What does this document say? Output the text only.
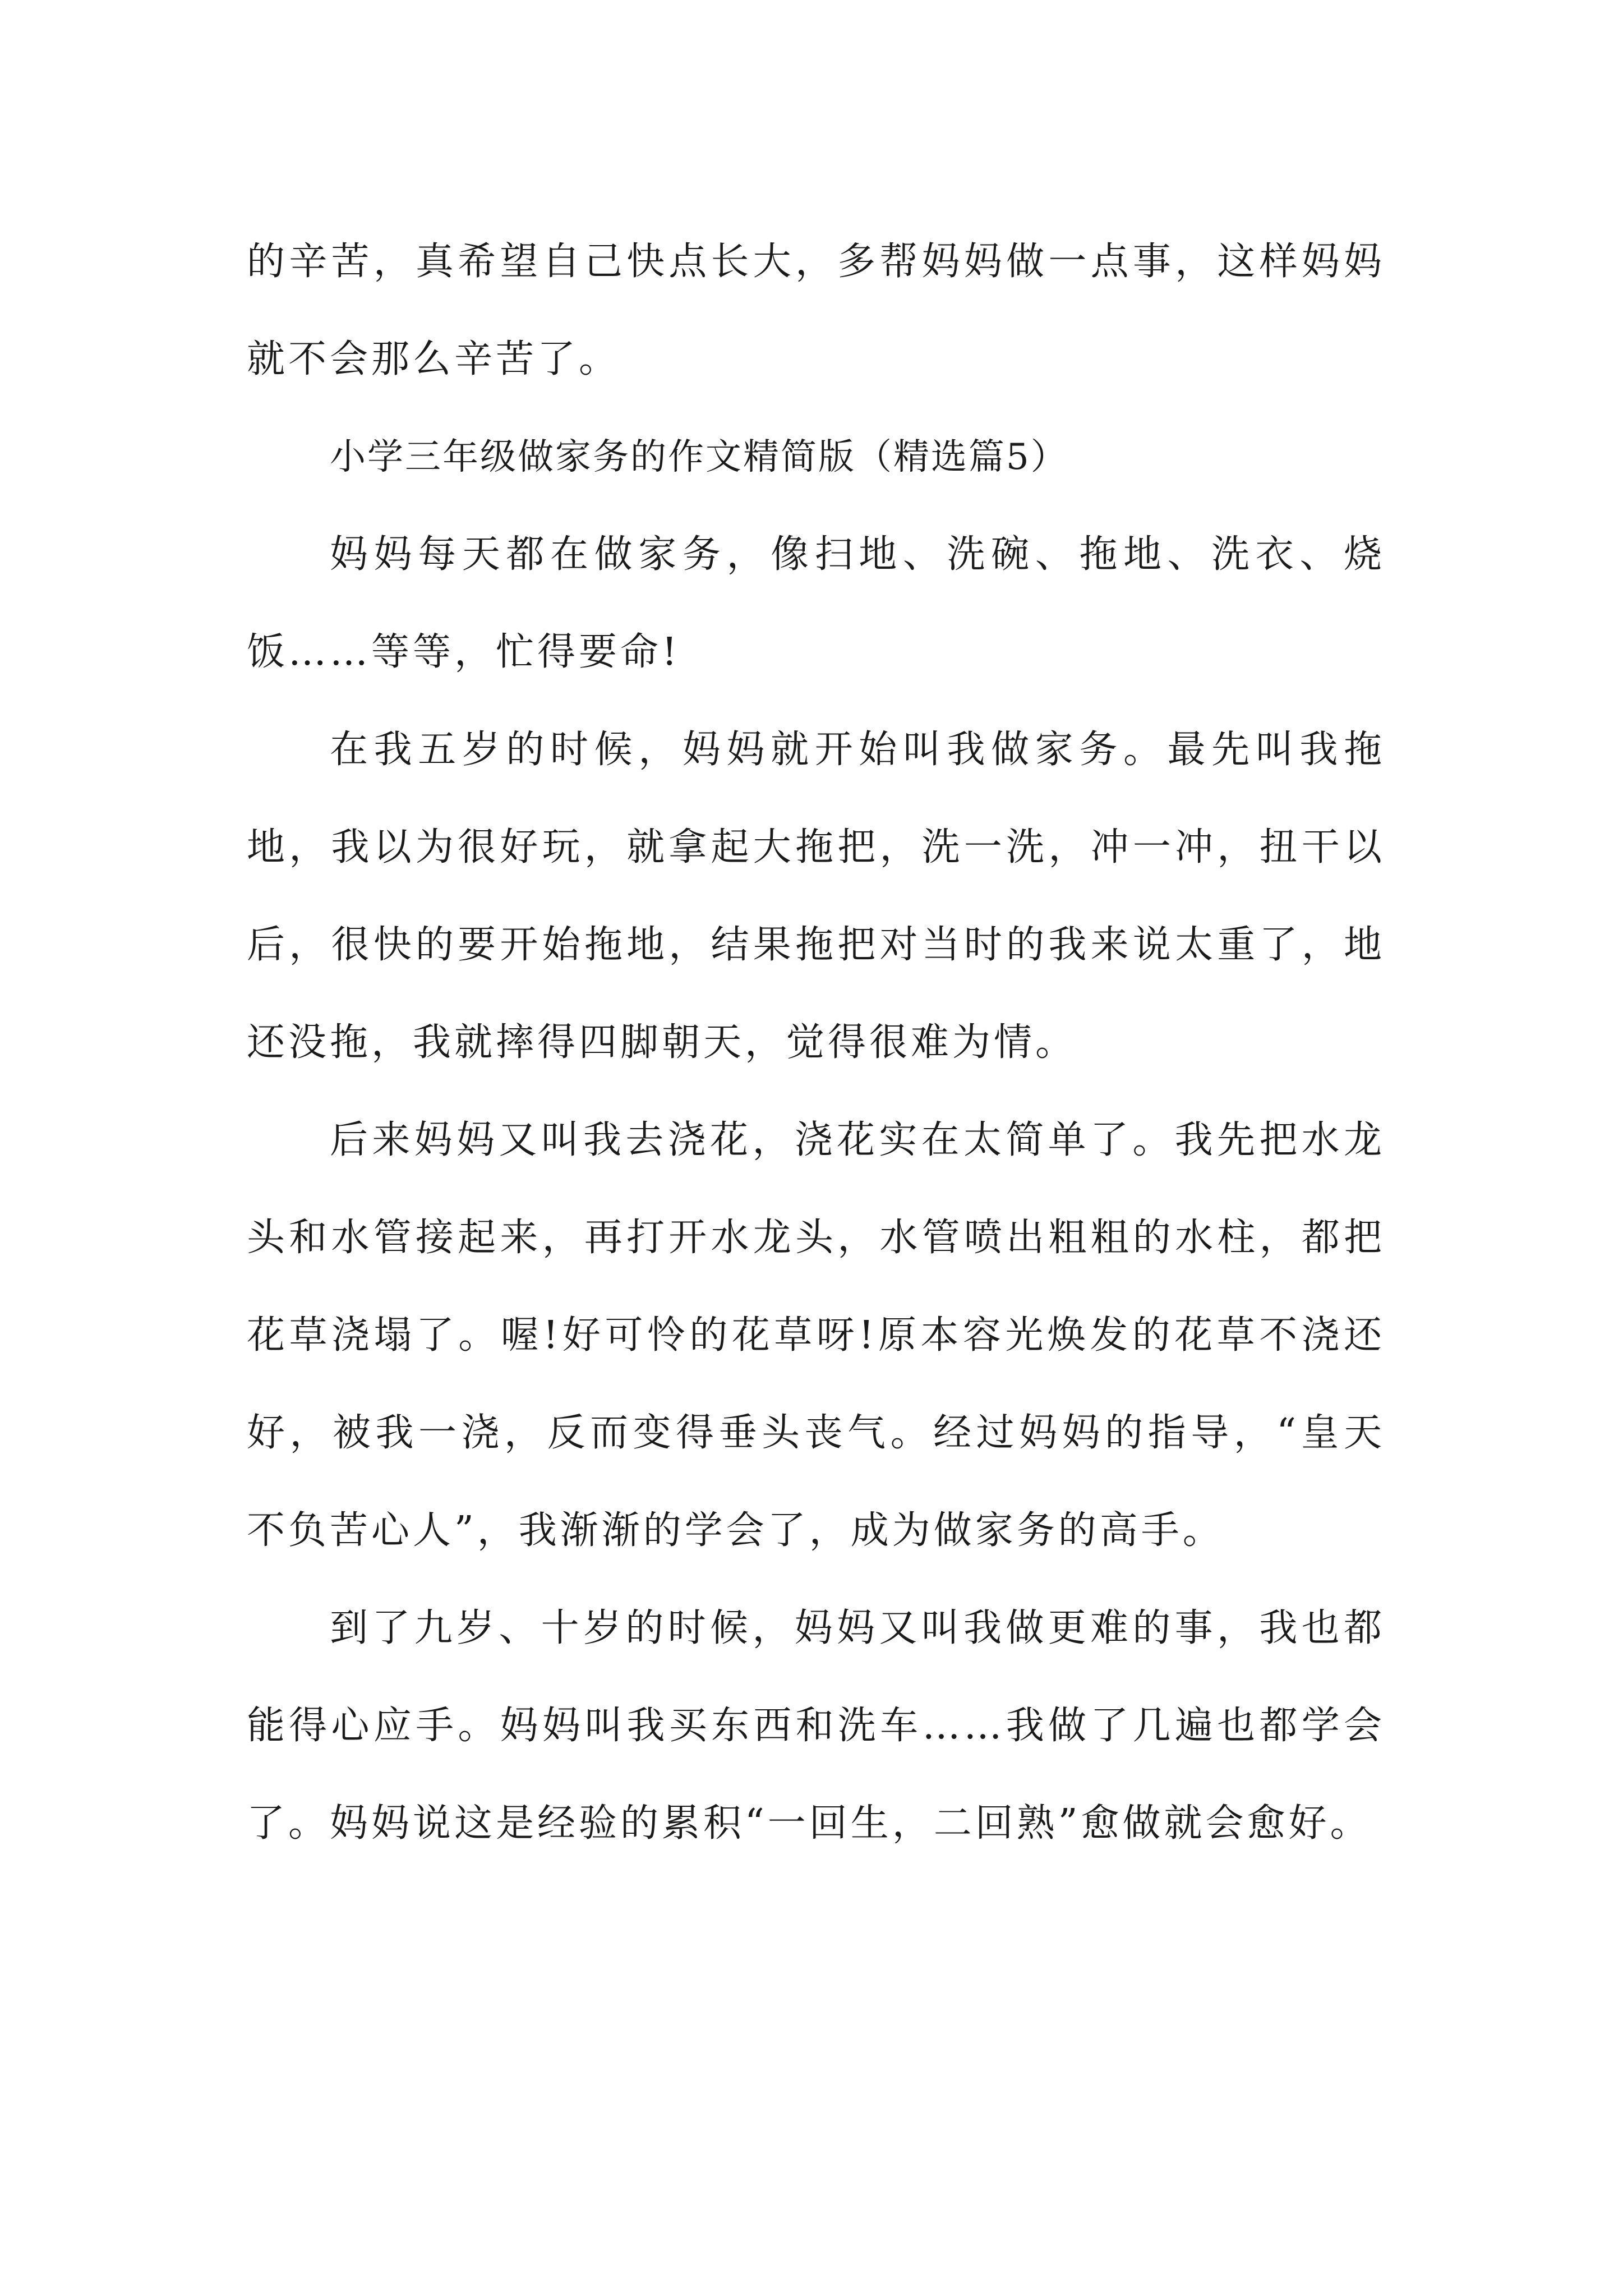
的辛苦，真希望自己快点长大，多帮妈妈做一点事，这样妈妈就不会那么辛苦了。

小学三年级做家务的作文精简版（精选篇5）

妈妈每天都在做家务，像扫地、洗碗、拖地、洗衣、烧饭……等等，忙得要命!

在我五岁的时候，妈妈就开始叫我做家务。最先叫我拖地，我以为很好玩，就拿起大拖把，洗一洗，冲一冲，扭干以后，很快的要开始拖地，结果拖把对当时的我来说太重了，地还没拖，我就摔得四脚朝天，觉得很难为情。

后来妈妈又叫我去浇花，浇花实在太简单了。我先把水龙头和水管接起来，再打开水龙头，水管喷出粗粗的水柱，都把花草浇塌了。喔!好可怜的花草呀!原本容光焕发的花草不浇还好，被我一浇，反而变得垂头丧气。经过妈妈的指导，“皇天不负苦心人”，我渐渐的学会了，成为做家务的高手。

到了九岁、十岁的时候，妈妈又叫我做更难的事，我也都能得心应手。妈妈叫我买东西和洗车……我做了几遍也都学会了。妈妈说这是经验的累积“一回生，二回熟”愈做就会愈好。
